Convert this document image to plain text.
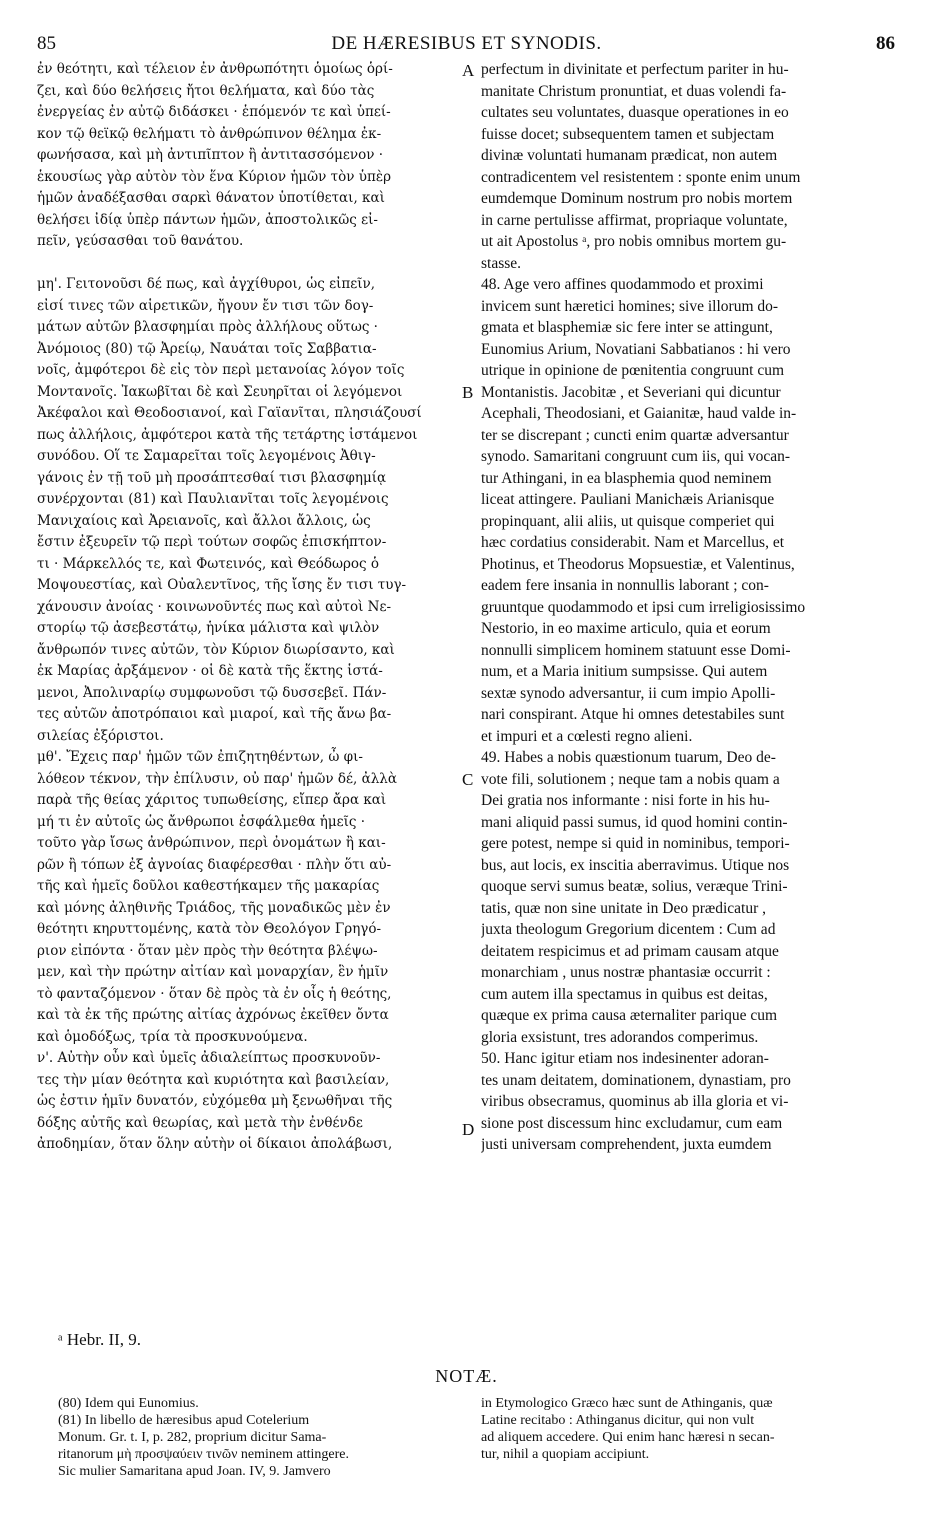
85	DE HÆRESIBUS ET SYNODIS.	86
ἐν θεότητι, καὶ τέλειον ἐν ἀνθρωπότητι ὁμοίως ὁρί-
ζει, καὶ δύο θελήσεις ἤτοι θελήματα, καὶ δύο τὰς
ἐνεργείας ἐν αὐτῷ διδάσκει · ἑπόμενόν τε καὶ ὑπεί-
κον τῷ θεϊκῷ θελήματι τὸ ἀνθρώπινον θέλημα ἐκ-
φωνήσασα, καὶ μὴ ἀντιπῖπτον ἢ ἀντιτασσόμενον ·
ἑκουσίως γὰρ αὐτὸν τὸν ἕνα Κύριον ἡμῶν τὸν ὑπὲρ
ἡμῶν ἀναδέξασθαι σαρκὶ θάνατον ὑποτίθεται, καὶ
θελήσει ἰδίᾳ ὑπὲρ πάντων ἡμῶν, ἀποστολικῶς εἰ-
πεῖν, γεύσασθαι τοῦ θανάτου.
μη'. Γειτονοῦσι δέ πως, καὶ ἀγχίθυροι, ὡς εἰπεῖν,
εἰσί τινες τῶν αἱρετικῶν, ἤγουν ἔν τισι τῶν δογ-
μάτων αὐτῶν βλασφημίαι πρὸς ἀλλήλους οὕτως ·
Ἀνόμοιος (80) τῷ Ἀρείῳ, Ναυάται τοῖς Σαββατια-
νοῖς, ἀμφότεροι δὲ εἰς τὸν περὶ μετανοίας λόγον τοῖς
Μοντανοῖς. Ἰακωβῖται δὲ καὶ Σευηρῖται οἱ λεγόμενοι
Ἀκέφαλοι καὶ Θεοδοσιανοί, καὶ Γαϊανῖται, πλησιάζουσί
πως ἀλλήλοις, ἀμφότεροι κατὰ τῆς τετάρτης ἱστάμενοι
συνόδου. Οἵ τε Σαμαρεῖται τοῖς λεγομένοις Ἀθιγ-
γάνοις ἐν τῇ τοῦ μὴ προσάπτεσθαί τισι βλασφημίᾳ
συνέρχονται (81) καὶ Παυλιανῖται τοῖς λεγομένοις
Μανιχαίοις καὶ Ἀρειανοῖς, καὶ ἄλλοι ἄλλοις, ὡς
ἔστιν ἐξευρεῖν τῷ περὶ τούτων σοφῶς ἐπισκήπτον-
τι · Μάρκελλός τε, καὶ Φωτεινός, καὶ Θεόδωρος ὁ
Μοψουεστίας, καὶ Οὐαλεντῖνος, τῆς ἴσης ἔν τισι τυγ-
χάνουσιν ἀνοίας · κοινωνοῦντές πως καὶ αὐτοὶ Νε-
στορίῳ τῷ ἀσεβεστάτῳ, ἡνίκα μάλιστα καὶ ψιλὸν
ἄνθρωπόν τινες αὐτῶν, τὸν Κύριον διωρίσαντο, καὶ
ἐκ Μαρίας ἀρξάμενον · οἱ δὲ κατὰ τῆς ἕκτης ἱστά-
μενοι, Ἀπολιναρίῳ συμφωνοῦσι τῷ δυσσεβεῖ. Πάν-
τες αὐτῶν ἀποτρόπαιοι καὶ μιαροί, καὶ τῆς ἄνω βα-
σιλείας ἐξόριστοι.
μθ'. Ἔχεις παρ' ἡμῶν τῶν ἐπιζητηθέντων, ὦ φι-
λόθεον τέκνον, τὴν ἐπίλυσιν, οὐ παρ' ἡμῶν δέ, ἀλλὰ
παρὰ τῆς θείας χάριτος τυπωθείσης, εἴπερ ἄρα καὶ
μή τι ἐν αὐτοῖς ὡς ἄνθρωποι ἐσφάλμεθα ἡμεῖς ·
τοῦτο γὰρ ἴσως ἀνθρώπινον, περὶ ὀνομάτων ἢ και-
ρῶν ἢ τόπων ἐξ ἀγνοίας διαφέρεσθαι · πλὴν ὅτι αὐ-
τῆς καὶ ἡμεῖς δοῦλοι καθεστήκαμεν τῆς μακαρίας
καὶ μόνης ἀληθινῆς Τριάδος, τῆς μοναδικῶς μὲν ἐν
θεότητι κηρυττομένης, κατὰ τὸν Θεολόγον Γρηγό-
ριον εἰπόντα · ὅταν μὲν πρὸς τὴν θεότητα βλέψω-
μεν, καὶ τὴν πρώτην αἰτίαν καὶ μοναρχίαν, ἓν ἡμῖν
τὸ φανταζόμενον · ὅταν δὲ πρὸς τὰ ἐν οἷς ἡ θεότης,
καὶ τὰ ἐκ τῆς πρώτης αἰτίας ἀχρόνως ἐκεῖθεν ὄντα
καὶ ὁμοδόξως, τρία τὰ προσκυνούμενα.
ν'. Αὐτὴν οὖν καὶ ὑμεῖς ἀδιαλείπτως προσκυνοῦν-
τες τὴν μίαν θεότητα καὶ κυριότητα καὶ βασιλείαν,
ὡς ἐστιν ἡμῖν δυνατόν, εὐχόμεθα μὴ ξενωθῆναι τῆς
δόξης αὐτῆς καὶ θεωρίας, καὶ μετὰ τὴν ἐνθένδε
ἀποδημίαν, ὅταν ὅλην αὐτὴν οἱ δίκαιοι ἀπολάβωσι,
perfectum in divinitate et perfectum pariter in hu-
manitate Christum pronuntiat, et duas volendi fa-
cultates seu voluntates, duasque operationes in eo
fuisse docet; subsequentem tamen et subjectam
divinæ voluntati humanam prædicat, non autem
contradicentem vel resistentem : sponte enim unum
eumdemque Dominum nostrum pro nobis mortem
in carne pertulisse affirmat, propriaque voluntate,
ut ait Apostolus ᵃ, pro nobis omnibus mortem gu-
stasse.
48. Age vero affines quodammodo et proximi
invicem sunt hæretici homines; sive illorum do-
gmata et blasphemiæ sic fere inter se attingunt,
Eunomius Arium, Novatiani Sabbatianos : hi vero
utrique in opinione de pœnitentia congruunt cum
Montanistis. Jacobitæ , et Severiani qui dicuntur
Acephali, Theodosiani, et Gaianitæ, haud valde in-
ter se discrepant ; cuncti enim quartæ adversantur
synodo. Samaritani congruunt cum iis, qui vocan-
tur Athingani, in ea blasphemia quod neminem
liceat attingere. Pauliani Manichæis Arianisque
propinquant, alii aliis, ut quisque comperiet qui
hæc cordatius considerabit. Nam et Marcellus, et
Photinus, et Theodorus Mopsuestiæ, et Valentinus,
eadem fere insania in nonnullis laborant ; con-
gruuntque quodammodo et ipsi cum irreligiosissimo
Nestorio, in eo maxime articulo, quia et eorum
nonnulli simplicem hominem statuunt esse Domi-
num, et a Maria initium sumpsisse. Qui autem
sextæ synodo adversantur, ii cum impio Apolli-
nari conspirant. Atque hi omnes detestabiles sunt
et impuri et a cœlesti regno alieni.
49. Habes a nobis quæstionum tuarum, Deo de-
vote fili, solutionem ; neque tam a nobis quam a
Dei gratia nos informante : nisi forte in his hu-
mani aliquid passi sumus, id quod homini contin-
gere potest, nempe si quid in nominibus, tempori-
bus, aut locis, ex inscitia aberravimus. Utique nos
quoque servi sumus beatæ, solius, veræque Trini-
tatis, quæ non sine unitate in Deo prædicatur ,
juxta theologum Gregorium dicentem : Cum ad
deitatem respicimus et ad primam causam atque
monarchiam , unus nostræ phantasiæ occurrit :
cum autem illa spectamus in quibus est deitas,
quæque ex prima causa æternaliter parique cum
gloria exsistunt, tres adorandos comperimus.
50. Hanc igitur etiam nos indesinenter adoran-
tes unam deitatem, dominationem, dynastiam, pro
viribus obsecramus, quominus ab illa gloria et vi-
sione post discessum hinc excludamur, cum eam
justi universam comprehendent, juxta eumdem
A
B
C
D
ᵃ Hebr. II, 9.
NOTÆ.
(80) Idem qui Eunomius.
(81) In libello de hæresibus apud Cotelerium
Monum. Gr. t. I, p. 282, proprium dicitur Sama-
ritanorum μὴ προσψαύειν τινῶν neminem attingere.
Sic mulier Samaritana apud Joan. IV, 9. Jamvero
in Etymologico Græco hæc sunt de Athinganis, quæ
Latine recitabo : Athinganus dicitur, qui non vult
ad aliquem accedere. Qui enim hanc hæresi n secan-
tur, nihil a quopiam accipiunt.
